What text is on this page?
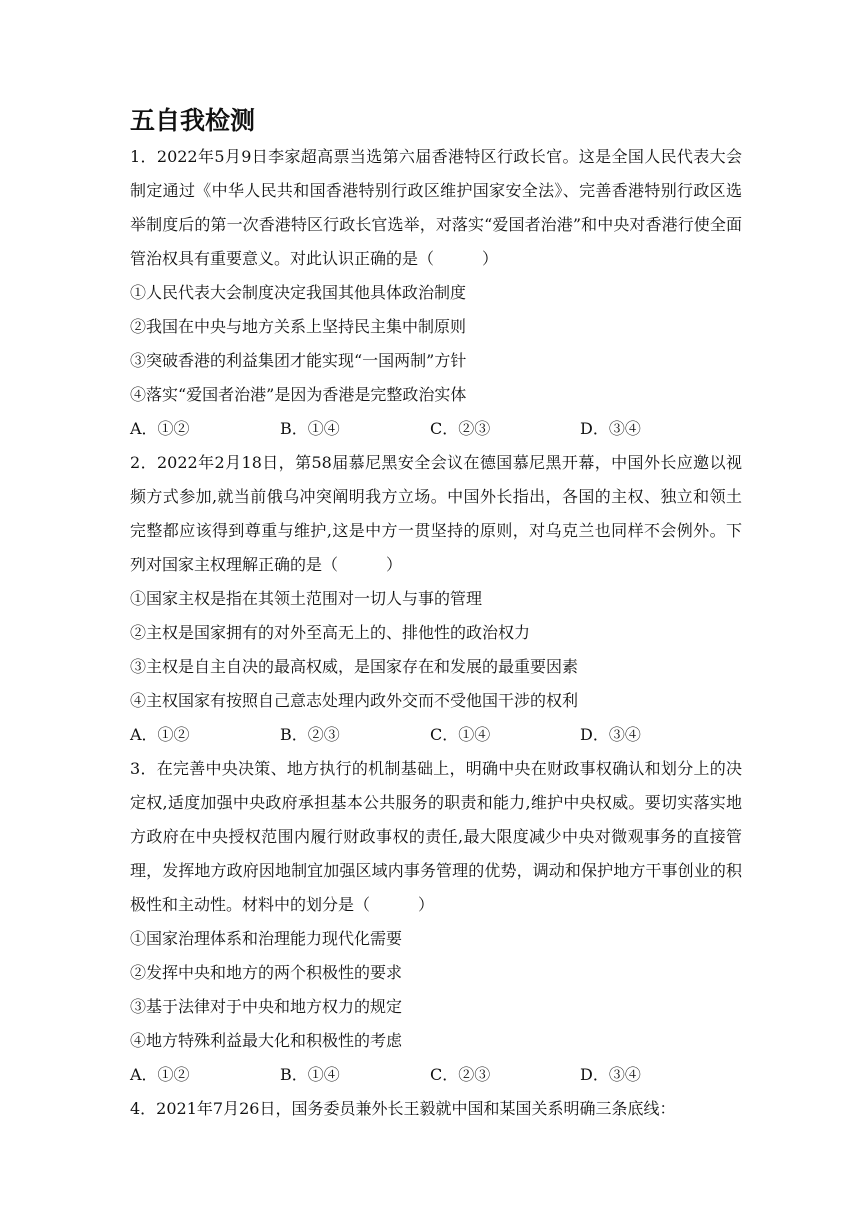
五自我检测

1．2022年5月9日李家超高票当选第六届香港特区行政长官。这是全国人民代表大会制定通过《中华人民共和国香港特别行政区维护国家安全法》、完善香港特别行政区选举制度后的第一次香港特区行政长官选举，对落实“爱国者治港”和中央对香港行使全面管治权具有重要意义。对此认识正确的是（　　　）

①人民代表大会制度决定我国其他具体政治制度

②我国在中央与地方关系上坚持民主集中制原则

③突破香港的利益集团才能实现“一国两制”方针

④落实“爱国者治港”是因为香港是完整政治实体

A．①②	B．①④	C．②③	D．③④

2．2022年2月18日，第58届慕尼黑安全会议在德国慕尼黑开幕，中国外长应邀以视频方式参加,就当前俄乌冲突阐明我方立场。中国外长指出，各国的主权、独立和领土完整都应该得到尊重与维护,这是中方一贯坚持的原则，对乌克兰也同样不会例外。下列对国家主权理解正确的是（　　　）

①国家主权是指在其领土范围对一切人与事的管理

②主权是国家拥有的对外至高无上的、排他性的政治权力

③主权是自主自决的最高权威，是国家存在和发展的最重要因素

④主权国家有按照自己意志处理内政外交而不受他国干涉的权利

A．①②	B．②③	C．①④	D．③④

3．在完善中央决策、地方执行的机制基础上，明确中央在财政事权确认和划分上的决定权,适度加强中央政府承担基本公共服务的职责和能力,维护中央权威。要切实落实地方政府在中央授权范围内履行财政事权的责任,最大限度减少中央对微观事务的直接管理，发挥地方政府因地制宜加强区域内事务管理的优势，调动和保护地方干事创业的积极性和主动性。材料中的划分是（　　　）

①国家治理体系和治理能力现代化需要

②发挥中央和地方的两个积极性的要求

③基于法律对于中央和地方权力的规定

④地方特殊利益最大化和积极性的考虑

A．①②	B．①④	C．②③	D．③④

4．2021年7月26日，国务委员兼外长王毅就中国和某国关系明确三条底线：
